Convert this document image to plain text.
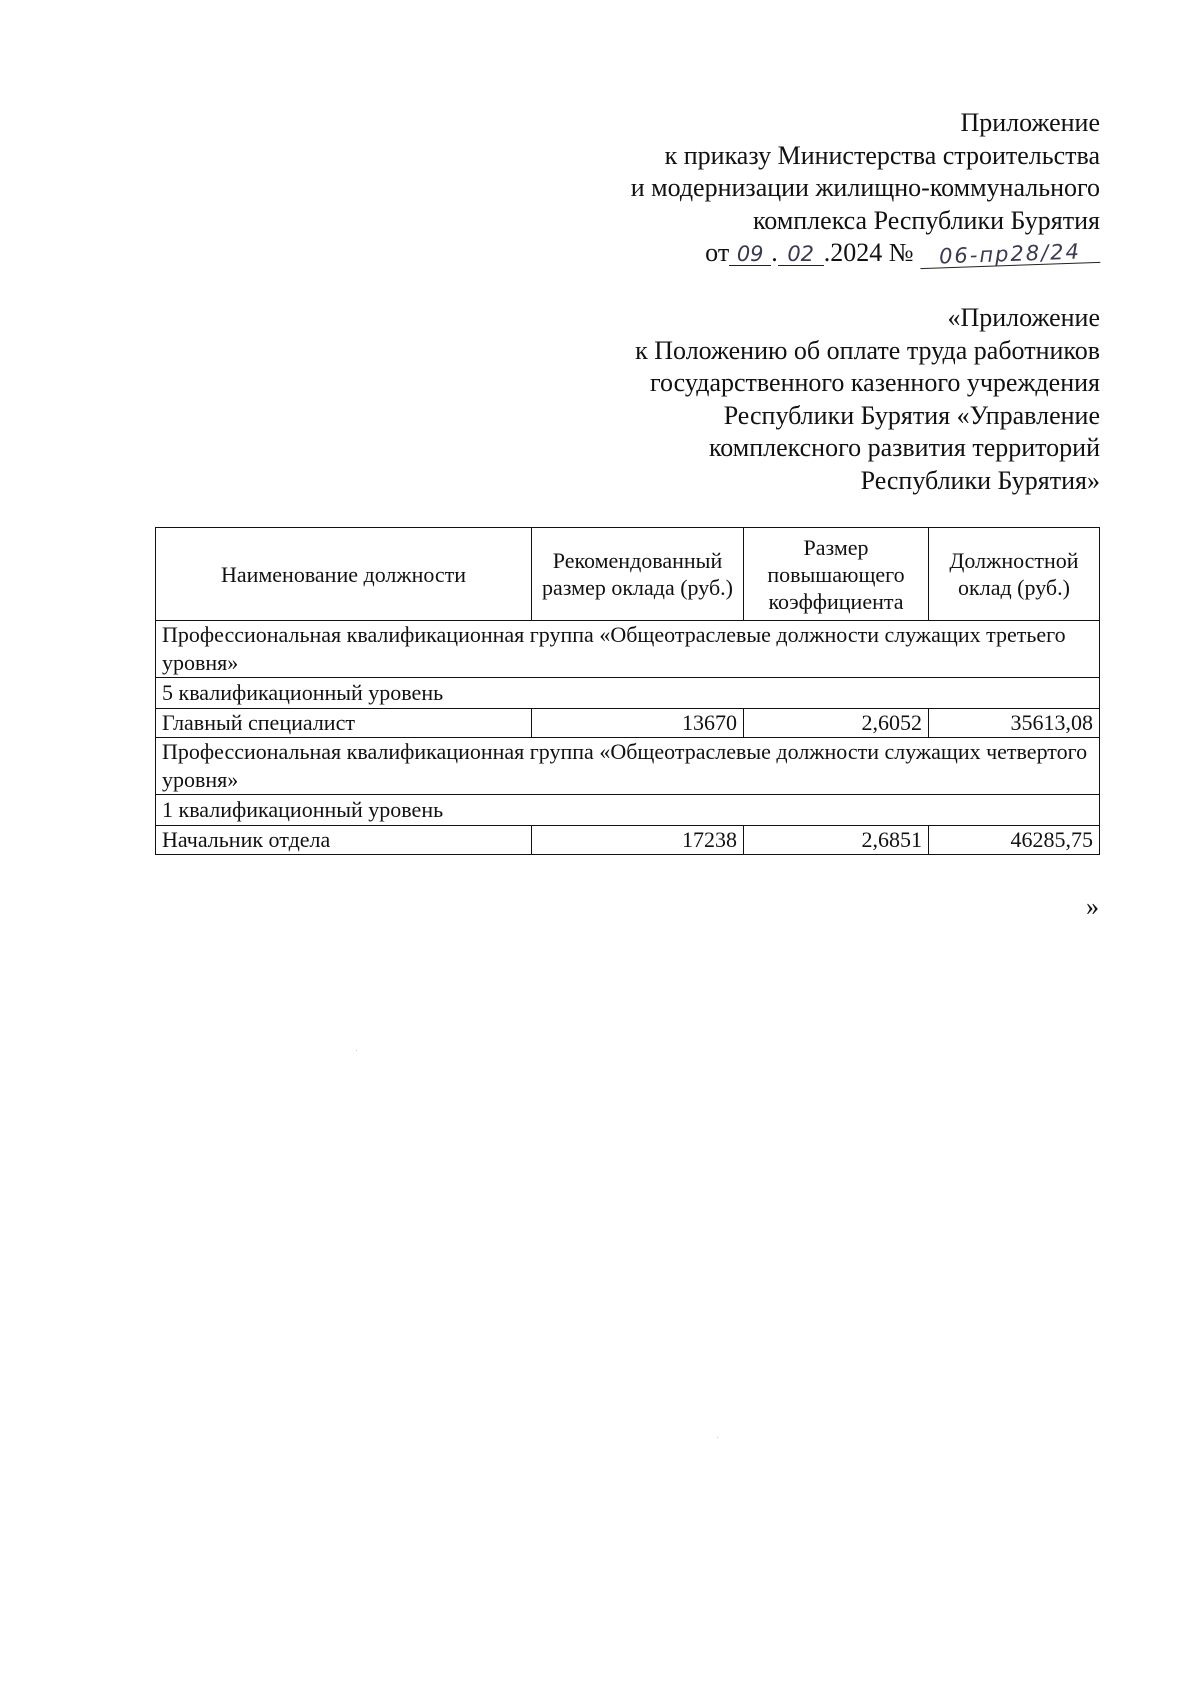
Приложение
к приказу Министерства строительства
и модернизации жилищно-коммунального
комплекса Республики Бурятия
от 09 . 02 .2024 № 06-пр28/24
«Приложение
к Положению об оплате труда работников
государственного казенного учреждения
Республики Бурятия «Управление
комплексного развития территорий
Республики Бурятия»
Наименование должности	Рекомендованный размер оклада (руб.)	Размер повышающего коэффициента	Должностной оклад (руб.)
Профессиональная квалификационная группа «Общеотраслевые должности служащих третьего уровня»			
5 квалификационный уровень			
Главный специалист	13670	2,6052	35613,08
Профессиональная квалификационная группа «Общеотраслевые должности служащих четвертого уровня»			
1 квалификационный уровень			
Начальник отдела	17238	2,6851	46285,75
»
